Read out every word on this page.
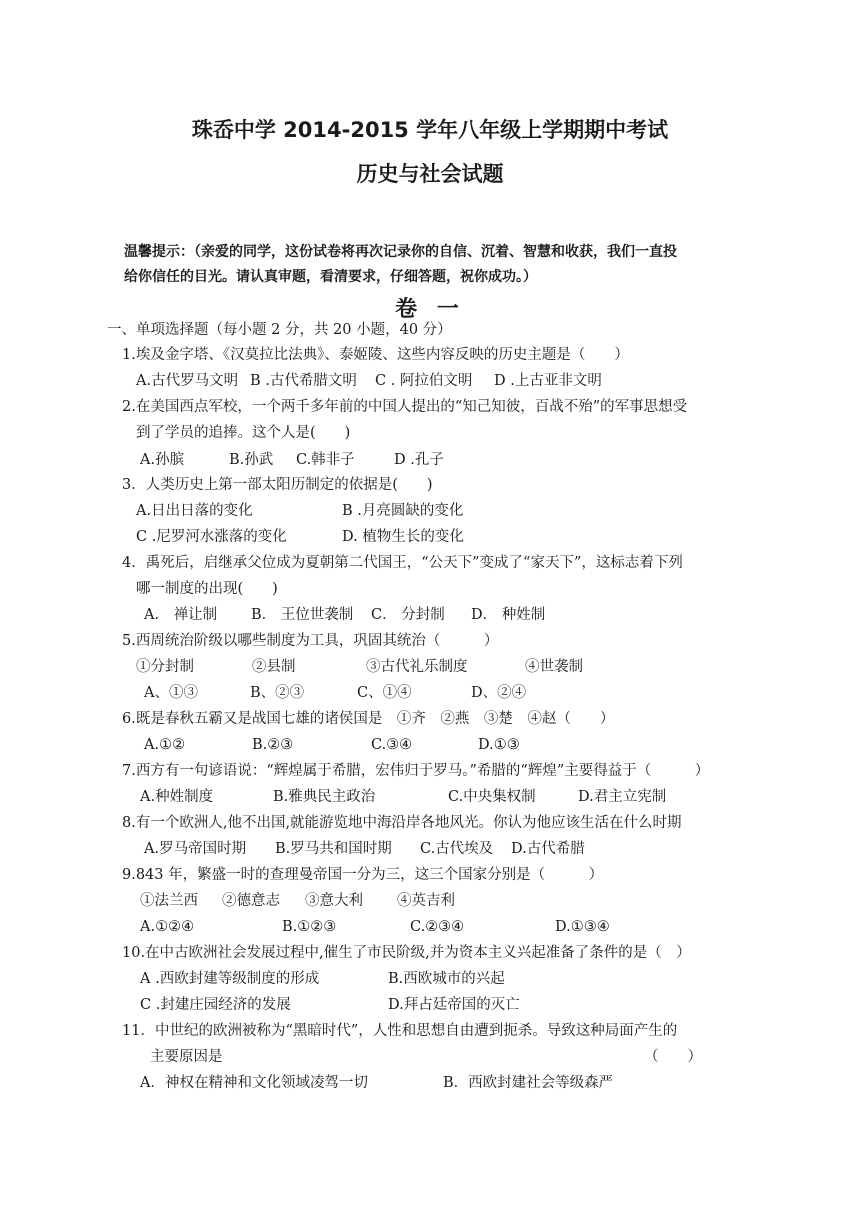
珠岙中学 2014-2015 学年八年级上学期期中考试
历史与社会试题
温馨提示：（亲爱的同学，这份试卷将再次记录你的自信、沉着、智慧和收获，我们一直投
给你信任的目光。请认真审题，看清要求，仔细答题，祝你成功。）
卷 一
一、单项选择题（每小题 2 分，共 20 小题，40 分）
1.埃及金字塔、《汉莫拉比法典》、泰姬陵、这些内容反映的历史主题是（　　）
A.古代罗马文明 B .古代希腊文明 C . 阿拉伯文明 D .上古亚非文明
2.在美国西点军校，一个两千多年前的中国人提出的“知己知彼，百战不殆”的军事思想受
到了学员的追捧。这个人是(　　)
A.孙膑	B.孙武 C.韩非子	D .孔子
3．人类历史上第一部太阳历制定的依据是(　　)
A.日出日落的变化	B .月亮圆缺的变化
C .尼罗河水涨落的变化	D. 植物生长的变化
4．禹死后，启继承父位成为夏朝第二代国王，“公天下”变成了“家天下”，这标志着下列
哪一制度的出现(　　)
A． 禅让制 B． 王位世袭制 C． 分封制 D． 种姓制
5.西周统治阶级以哪些制度为工具，巩固其统治（　　　）
①分封制	②县制	③古代礼乐制度	④世袭制
A、①③	B、②③	C、①④	D、②④
6.既是春秋五霸又是战国七雄的诸侯国是　①齐　②燕　③楚　④赵（　　）
A.①②	B.②③	C.③④	D.①③
7.西方有一句谚语说：“辉煌属于希腊，宏伟归于罗马。”希腊的“辉煌”主要得益于（　　　）
A.种姓制度	B.雅典民主政治	C.中央集权制	D.君主立宪制
8.有一个欧洲人,他不出国,就能游览地中海沿岸各地风光。你认为他应该生活在什么时期
A.罗马帝国时期 B.罗马共和国时期 C.古代埃及 D.古代希腊
9.843 年，繁盛一时的查理曼帝国一分为三，这三个国家分别是（　　　）
①法兰西 ②德意志 ③意大利 ④英吉利
A.①②④	B.①②③	C.②③④	D.①③④
10.在中古欧洲社会发展过程中,催生了市民阶级,并为资本主义兴起准备了条件的是（　）
A .西欧封建等级制度的形成	B.西欧城市的兴起
C .封建庄园经济的发展	D.拜占廷帝国的灭亡
11．中世纪的欧洲被称为“黑暗时代”，人性和思想自由遭到扼杀。导致这种局面产生的
主要原因是	（　　）
A．神权在精神和文化领域凌驾一切	B．西欧封建社会等级森严
